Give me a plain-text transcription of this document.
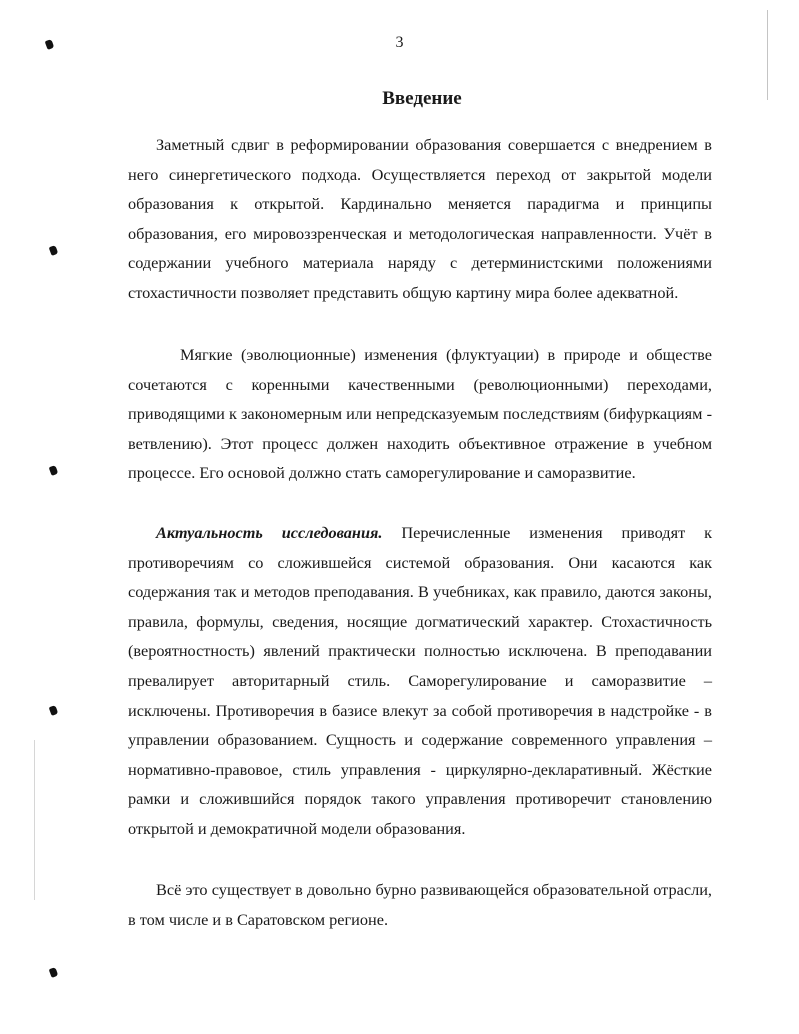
3
Введение

Заметный сдвиг в реформировании образования совершается с внедрением в него синергетического подхода. Осуществляется переход от закрытой модели образования к открытой. Кардинально меняется парадигма и принципы образования, его мировоззренческая и методологическая направленности. Учёт в содержании учебного материала наряду с детерминистскими положениями стохастичности позволяет представить общую картину мира более адекватной.

Мягкие (эволюционные) изменения (флуктуации) в природе и обществе сочетаются с коренными качественными (революционными) переходами, приводящими к закономерным или непредсказуемым последствиям (бифуркациям - ветвлению). Этот процесс должен находить объективное отражение в учебном процессе. Его основой должно стать саморегулирование и саморазвитие.

Актуальность исследования. Перечисленные изменения приводят к противоречиям со сложившейся системой образования. Они касаются как содержания так и методов преподавания. В учебниках, как правило, даются законы, правила, формулы, сведения, носящие догматический характер. Стохастичность (вероятностность) явлений практически полностью исключена. В преподавании превалирует авторитарный стиль. Саморегулирование и саморазвитие – исключены. Противоречия в базисе влекут за собой противоречия в надстройке - в управлении образованием. Сущность и содержание современного управления – нормативно-правовое, стиль управления - циркулярно-декларативный. Жёсткие рамки и сложившийся порядок такого управления противоречит становлению открытой и демократичной модели образования.

Всё это существует в довольно бурно развивающейся образовательной отрасли, в том числе и в Саратовском регионе.
